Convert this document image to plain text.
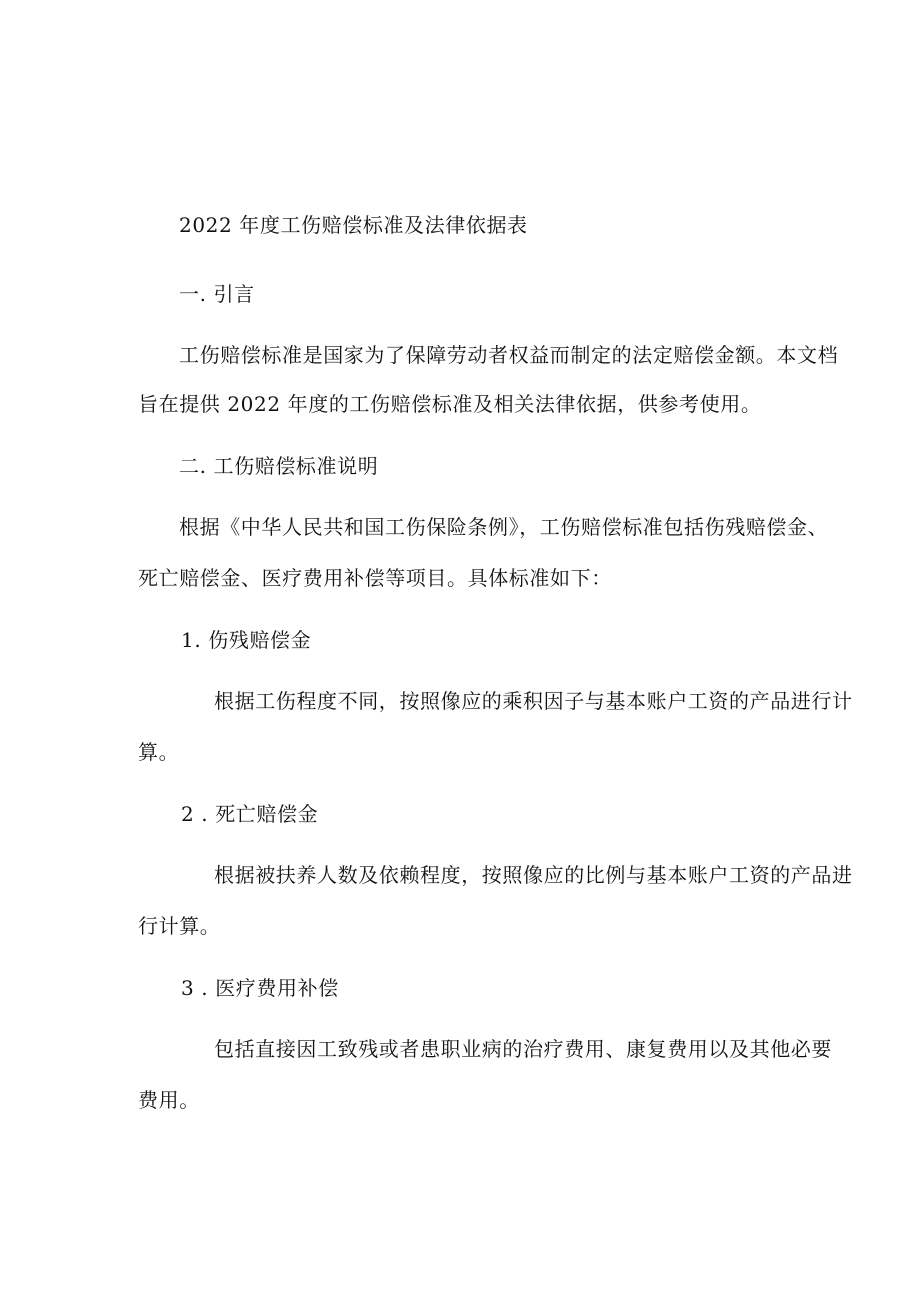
2022 年度工伤赔偿标准及法律依据表
一. 引言
工伤赔偿标准是国家为了保障劳动者权益而制定的法定赔偿金额。本文档
旨在提供 2022 年度的工伤赔偿标准及相关法律依据，供参考使用。
二. 工伤赔偿标准说明
根据《中华人民共和国工伤保险条例》，工伤赔偿标准包括伤残赔偿金、
死亡赔偿金、医疗费用补偿等项目。具体标准如下：
1. 伤残赔偿金
根据工伤程度不同，按照像应的乘积因子与基本账户工资的产品进行计
算。
2 . 死亡赔偿金
根据被扶养人数及依赖程度，按照像应的比例与基本账户工资的产品进
行计算。
3 . 医疗费用补偿
包括直接因工致残或者患职业病的治疗费用、康复费用以及其他必要
费用。
